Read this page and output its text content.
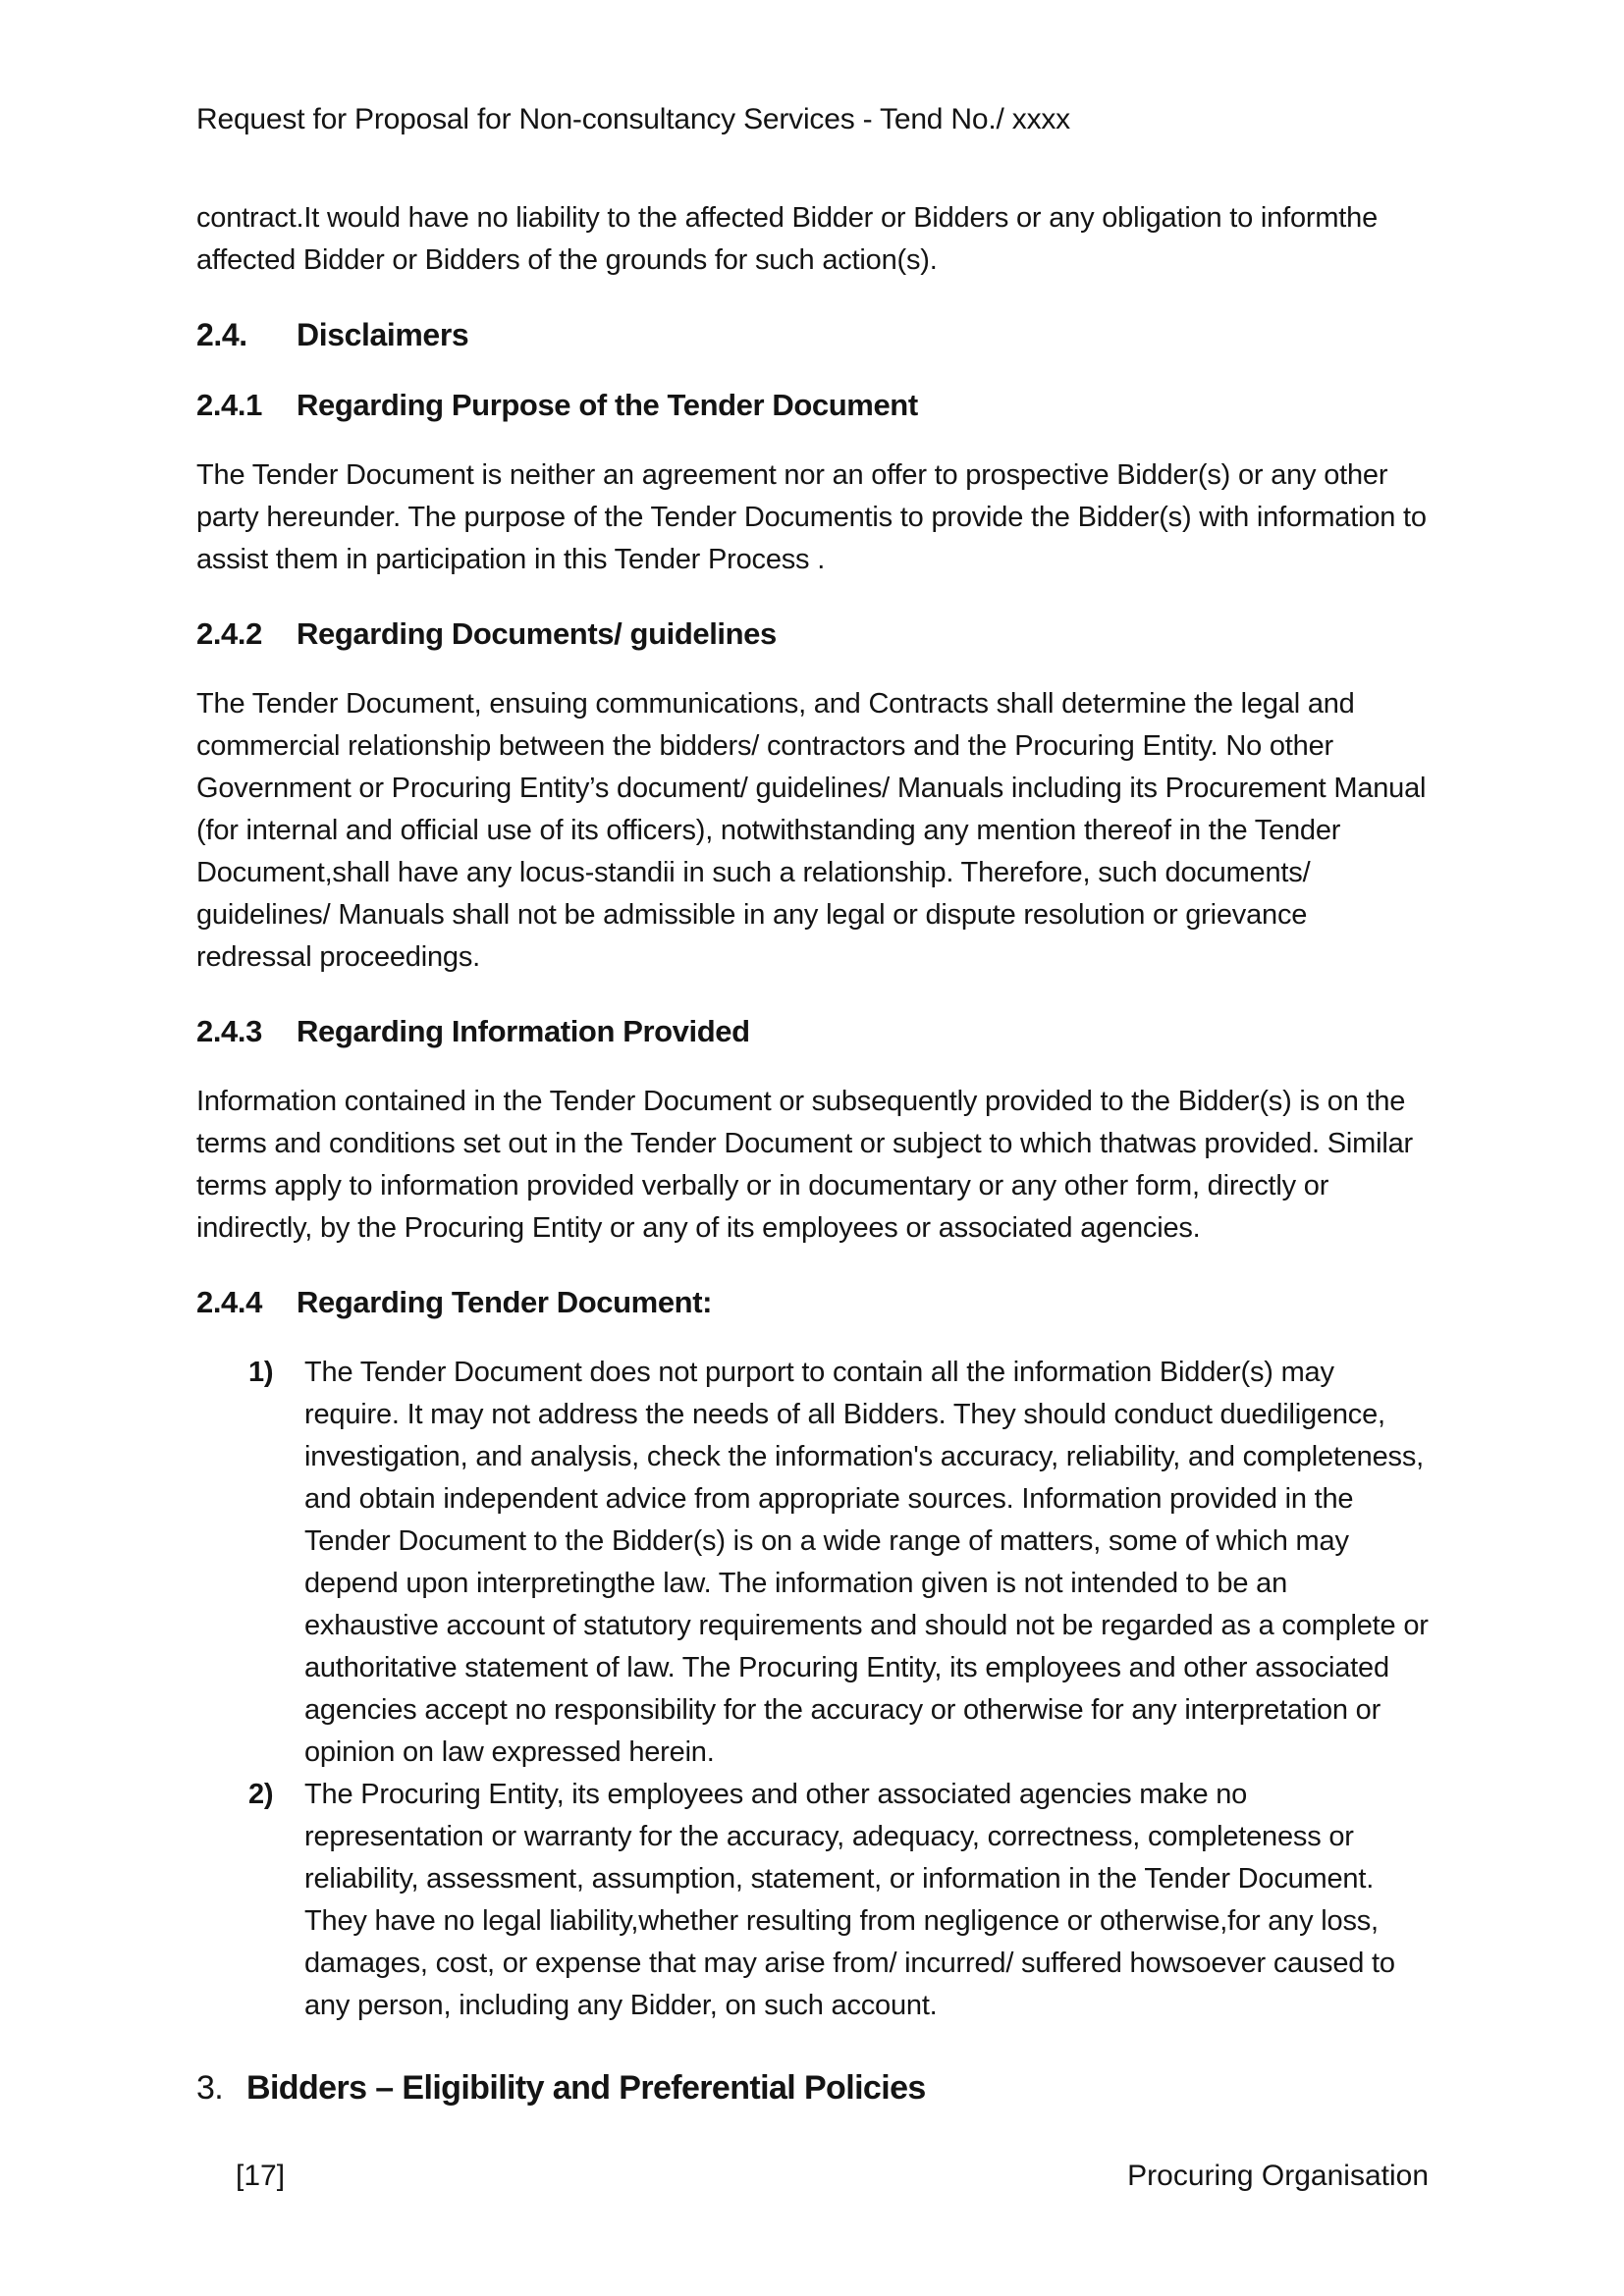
Request for Proposal for Non-consultancy Services - Tend No./ xxxx

contract.It would have no liability to the affected Bidder or Bidders or any obligation to informthe affected Bidder or Bidders of the grounds for such action(s).

2.4.	Disclaimers
2.4.1	Regarding Purpose of the Tender Document

The Tender Document is neither an agreement nor an offer to prospective Bidder(s) or any other party hereunder. The purpose of the Tender Documentis to provide the Bidder(s) with information to assist them in participation in this Tender Process .

2.4.2	Regarding Documents/ guidelines

The Tender Document, ensuing communications, and Contracts shall determine the legal and commercial relationship between the bidders/ contractors and the Procuring Entity. No other Government or Procuring Entity’s document/ guidelines/ Manuals including its Procurement Manual (for internal and official use of its officers), notwithstanding any mention thereof in the Tender Document,shall have any locus-standii in such a relationship. Therefore, such documents/ guidelines/ Manuals shall not be admissible in any legal or dispute resolution or grievance redressal proceedings.

2.4.3	Regarding Information Provided

Information contained in the Tender Document or subsequently provided to the Bidder(s) is on the terms and conditions set out in the Tender Document or subject to which thatwas provided. Similar terms apply to information provided verbally or in documentary or any other form, directly or indirectly, by the Procuring Entity or any of its employees or associated agencies.

2.4.4	Regarding Tender Document:
1)	The Tender Document does not purport to contain all the information Bidder(s) may require. It may not address the needs of all Bidders. They should conduct duediligence, investigation, and analysis, check the information's accuracy, reliability, and completeness, and obtain independent advice from appropriate sources. Information provided in the Tender Document to the Bidder(s) is on a wide range of matters, some of which may depend upon interpretingthe law. The information given is not intended to be an exhaustive account of statutory requirements and should not be regarded as a complete or authoritative statement of law. The Procuring Entity, its employees and other associated agencies accept no responsibility for the accuracy or otherwise for any interpretation or opinion on law expressed herein.
2)	The Procuring Entity, its employees and other associated agencies make no representation or warranty for the accuracy, adequacy, correctness, completeness or reliability, assessment, assumption, statement, or information in the Tender Document. They have no legal liability,whether resulting from negligence or otherwise,for any loss, damages, cost, or expense that may arise from/ incurred/ suffered howsoever caused to any person, including any Bidder, on such account.
3. Bidders – Eligibility and Preferential Policies
[17]	Procuring Organisation
